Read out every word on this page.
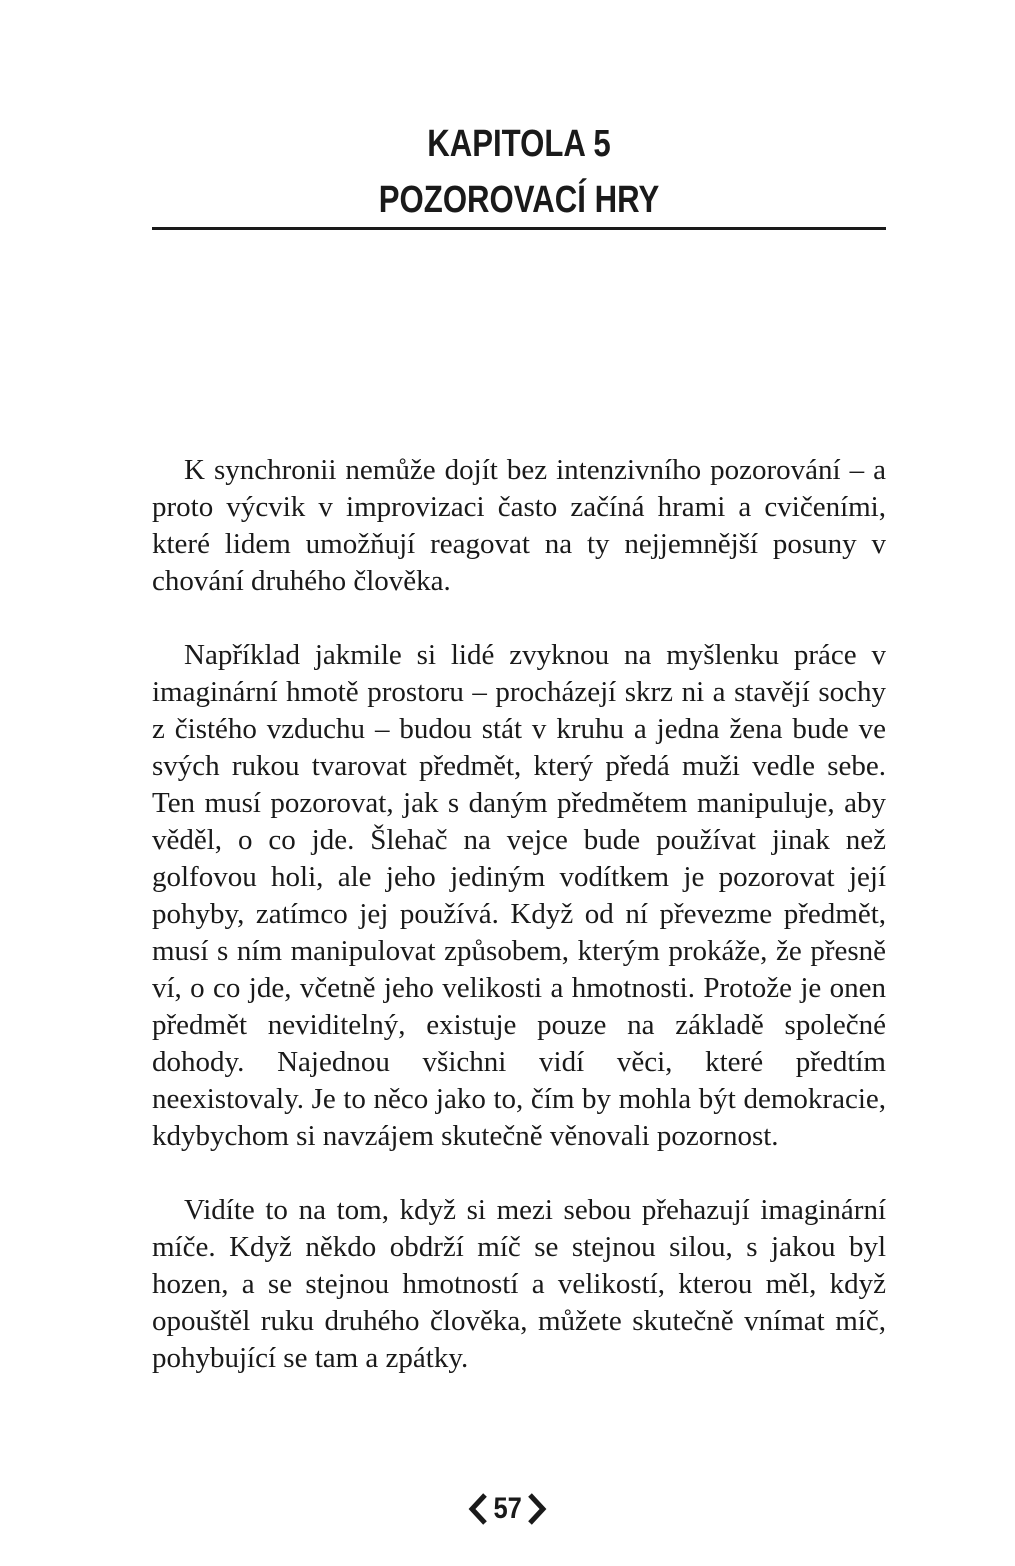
KAPITOLA 5
POZOROVACÍ HRY

K synchronii nemůže dojít bez intenzivního pozorování – a proto výcvik v improvizaci často začíná hrami a cvičeními, které lidem umožňují reagovat na ty nejjemnější posuny v chování druhého člověka.

Například jakmile si lidé zvyknou na myšlenku práce v imaginární hmotě prostoru – procházejí skrz ni a stavějí sochy z čistého vzduchu – budou stát v kruhu a jedna žena bude ve svých rukou tvarovat předmět, který předá muži vedle sebe. Ten musí pozorovat, jak s daným předmětem manipuluje, aby věděl, o co jde. Šlehač na vejce bude používat jinak než golfovou holi, ale jeho jediným vodítkem je pozorovat její pohyby, zatímco jej používá. Když od ní převezme předmět, musí s ním manipulovat způsobem, kterým prokáže, že přesně ví, o co jde, včetně jeho velikosti a hmotnosti. Protože je onen předmět neviditelný, existuje pouze na základě společné dohody. Najednou všichni vidí věci, které předtím neexistovaly. Je to něco jako to, čím by mohla být demokracie, kdybychom si navzájem skutečně věnovali pozornost.

Vidíte to na tom, když si mezi sebou přehazují imaginární míče. Když někdo obdrží míč se stejnou silou, s jakou byl hozen, a se stejnou hmotností a velikostí, kterou měl, když opouštěl ruku druhého člověka, můžete skutečně vnímat míč, pohybující se tam a zpátky.

57
